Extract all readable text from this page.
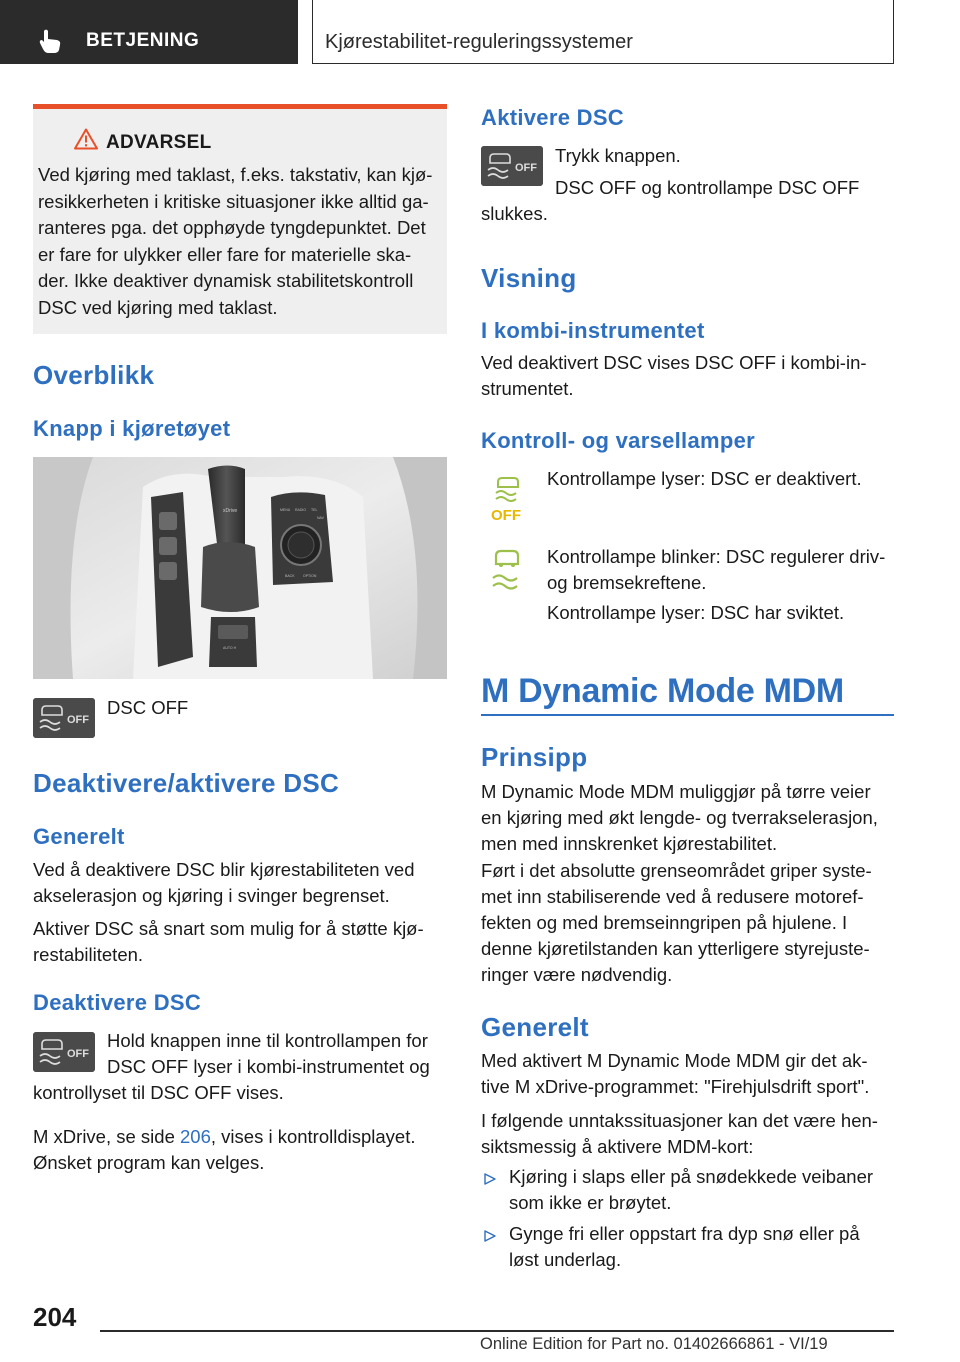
BETJENING	Kjørestabilitet-reguleringssystemer
ADVARSEL
Ved kjøring med taklast, f.eks. takstativ, kan kjø‐
resikkerheten i kritiske situasjoner ikke alltid ga‐
ranteres pga. det opphøyde tyngdepunktet. Det
er fare for ulykker eller fare for materielle ska‐
der. Ikke deaktiver dynamisk stabilitetskontroll
DSC ved kjøring med taklast.
Overblikk
Knapp i kjøretøyet
xDrive	MENU RADIO TEL
NAV
BACK OPTION
AUTO H
OFF
DSC OFF
Deaktivere/aktivere DSC
Generelt
Ved å deaktivere DSC blir kjørestabiliteten ved
akselerasjon og kjøring i svinger begrenset.
Aktiver DSC så snart som mulig for å støtte kjø‐
restabiliteten.
Deaktivere DSC
OFF
Hold knappen inne til kontrollampen for
DSC OFF lyser i kombi-instrumentet og
kontrollyset til DSC OFF vises.
M xDrive, se side 206, vises i kontrolldisplayet.
Ønsket program kan velges.
Aktivere DSC
OFF
Trykk knappen.
DSC OFF og kontrollampe DSC OFF
slukkes.
Visning
I kombi-instrumentet
Ved deaktivert DSC vises DSC OFF i kombi-in‐
strumentet.
Kontroll- og varsellamper
OFF
Kontrollampe lyser: DSC er deaktivert.
Kontrollampe blinker: DSC regulerer driv-
og bremsekreftene.
Kontrollampe lyser: DSC har sviktet.
M Dynamic Mode MDM
Prinsipp
M Dynamic Mode MDM muliggjør på tørre veier
en kjøring med økt lengde- og tverrakselerasjon,
men med innskrenket kjørestabilitet.
Ført i det absolutte grenseområdet griper syste‐
met inn stabiliserende ved å redusere motoref‐
fekten og med bremseinngripen på hjulene. I
denne kjøretilstanden kan ytterligere styrejuste‐
ringer være nødvendig.
Generelt
Med aktivert M Dynamic Mode MDM gir det ak‐
tive M xDrive-programmet: "Firehjulsdrift sport".
I følgende unntakssituasjoner kan det være hen‐
siktsmessig å aktivere MDM-kort:
Kjøring i slaps eller på snødekkede veibaner
som ikke er brøytet.
Gynge fri eller oppstart fra dyp snø eller på
løst underlag.
204
Online Edition for Part no. 01402666861 - VI/19
